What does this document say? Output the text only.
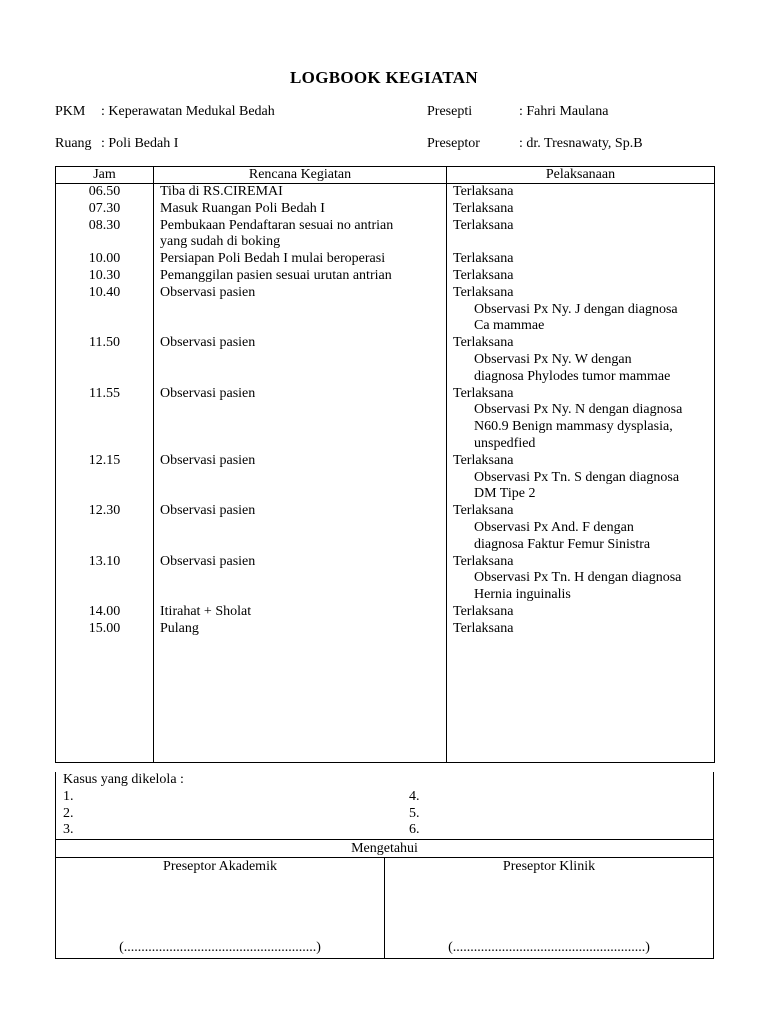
LOGBOOK KEGIATAN
PKM : Keperawatan Medukal Bedah	Presepti	: Fahri Maulana
Ruang : Poli Bedah I	Preseptor	: dr. Tresnawaty, Sp.B
Jam	Rencana Kegiatan	Pelaksanaan
06.50	Tiba di RS.CIREMAI	Terlaksana

07.30	Masuk Ruangan Poli Bedah I	Terlaksana

08.30	Pembukaan Pendaftaran sesuai no antrian
yang sudah di boking	Terlaksana

10.00	Persiapan Poli Bedah I mulai beroperasi	Terlaksana

10.30	Pemanggilan pasien sesuai urutan antrian	Terlaksana

10.40	Observasi pasien	Terlaksana
Observasi Px Ny. J dengan diagnosa
Ca mammae

11.50	Observasi pasien	Terlaksana
Observasi Px Ny. W dengan
diagnosa Phylodes tumor mammae

11.55	Observasi pasien	Terlaksana
Observasi Px Ny. N dengan diagnosa
N60.9 Benign mammasy dysplasia,
unspedfied

12.15	Observasi pasien	Terlaksana
Observasi Px Tn. S dengan diagnosa
DM Tipe 2

12.30	Observasi pasien	Terlaksana
Observasi Px And. F dengan
diagnosa Faktur Femur Sinistra

13.10	Observasi pasien	Terlaksana
Observasi Px Tn. H dengan diagnosa
Hernia inguinalis

14.00	Itirahat + Sholat	Terlaksana

15.00	Pulang	Terlaksana

Kasus yang dikelola :
1.
2.
3.
4.
5.
6.
Mengetahui
Preseptor Akademik
(.......................................................)
Preseptor Klinik
(.......................................................)
